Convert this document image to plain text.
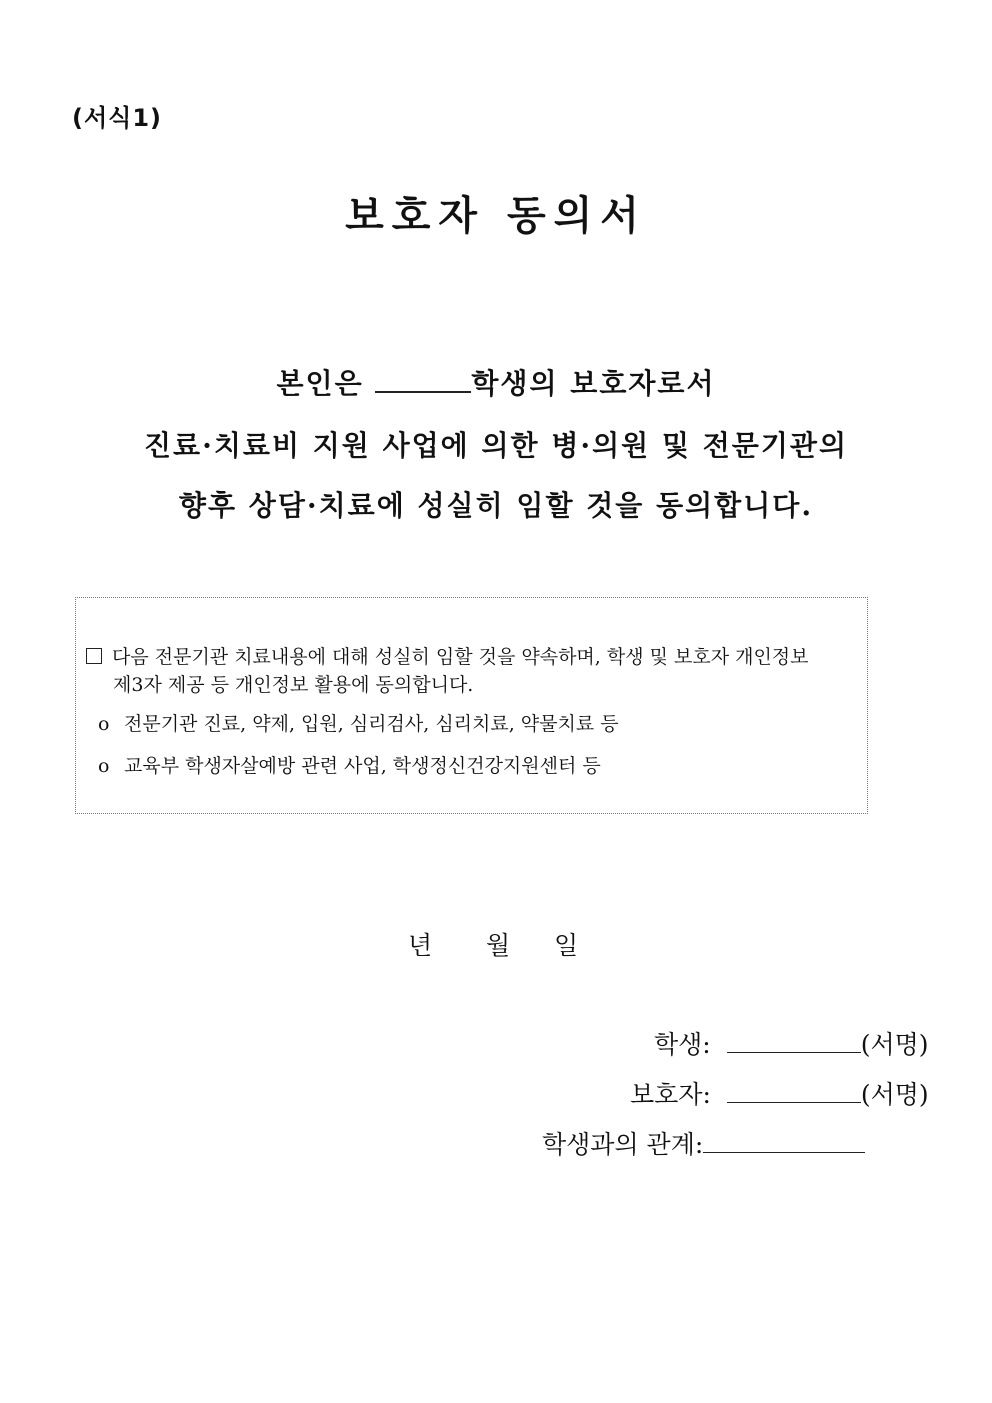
(서식1)
보호자 동의서
본인은	학생의 보호자로서
진료·치료비 지원 사업에 의한 병·의원 및 전문기관의
향후 상담·치료에 성실히 임할 것을 동의합니다.
다음 전문기관 치료내용에 대해 성실히 임할 것을 약속하며, 학생 및 보호자 개인정보
제3자 제공 등 개인정보 활용에 동의합니다.
o 전문기관 진료, 약제, 입원, 심리검사, 심리치료, 약물치료 등
o 교육부 학생자살예방 관련 사업, 학생정신건강지원센터 등
년 월 일
학생:	(서명)
보호자:	(서명)
학생과의 관계:
